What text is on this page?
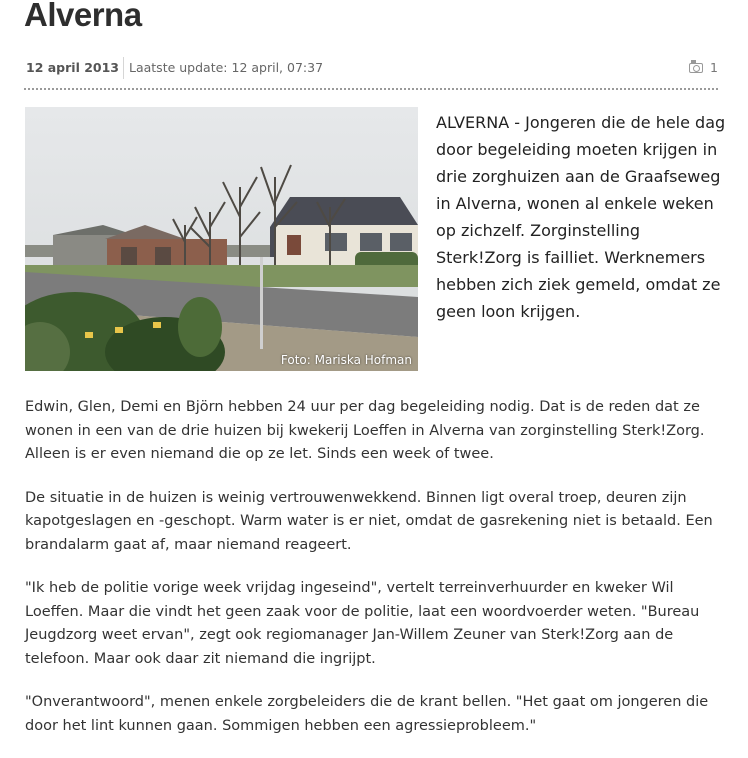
Alverna
12 april 2013 Laatste update: 12 april, 07:37	1
Foto: Mariska Hofman

ALVERNA - Jongeren die de hele dag door begeleiding moeten krijgen in drie zorghuizen aan de Graafseweg in Alverna, wonen al enkele weken op zichzelf. Zorginstelling Sterk!Zorg is failliet. Werknemers hebben zich ziek gemeld, omdat ze geen loon krijgen.

Edwin, Glen, Demi en Björn hebben 24 uur per dag begeleiding nodig. Dat is de reden dat ze wonen in een van de drie huizen bij kwekerij Loeffen in Alverna van zorginstelling Sterk!Zorg. Alleen is er even niemand die op ze let. Sinds een week of twee.

De situatie in de huizen is weinig vertrouwenwekkend. Binnen ligt overal troep, deuren zijn kapotgeslagen en -geschopt. Warm water is er niet, omdat de gasrekening niet is betaald. Een brandalarm gaat af, maar niemand reageert.

"Ik heb de politie vorige week vrijdag ingeseind", vertelt terreinverhuurder en kweker Wil Loeffen. Maar die vindt het geen zaak voor de politie, laat een woordvoerder weten. "Bureau Jeugdzorg weet ervan", zegt ook regiomanager Jan-Willem Zeuner van Sterk!Zorg aan de telefoon. Maar ook daar zit niemand die ingrijpt.

"Onverantwoord", menen enkele zorgbeleiders die de krant bellen. "Het gaat om jongeren die door het lint kunnen gaan. Sommigen hebben een agressieprobleem."
